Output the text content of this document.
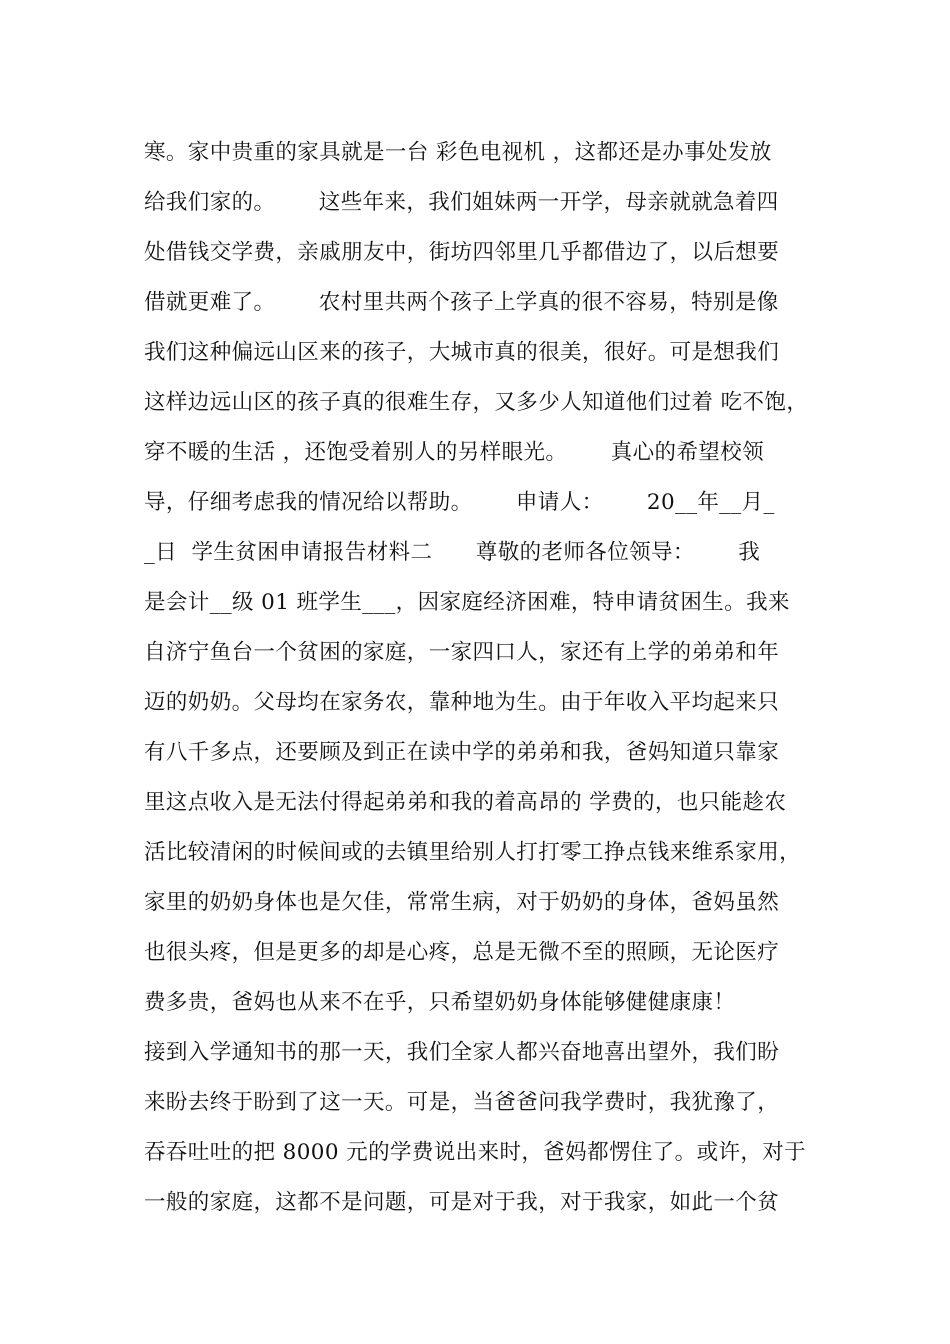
寒。家中贵重的家具就是一台 彩色电视机 ，这都还是办事处发放
给我们家的。      这些年来，我们姐妹两一开学，母亲就就急着四
处借钱交学费，亲戚朋友中，街坊四邻里几乎都借边了，以后想要
借就更难了。      农村里共两个孩子上学真的很不容易，特别是像
我们这种偏远山区来的孩子，大城市真的很美，很好。可是想我们
这样边远山区的孩子真的很难生存，又多少人知道他们过着 吃不饱，
穿不暖的生活 ，还饱受着别人的另样眼光。      真心的希望校领
导，仔细考虑我的情况给以帮助。      申请人：      20__年__月_
_日  学生贫困申请报告材料二      尊敬的老师各位领导：      我
是会计__级 01 班学生___，因家庭经济困难，特申请贫困生。我来
自济宁鱼台一个贫困的家庭，一家四口人，家还有上学的弟弟和年
迈的奶奶。父母均在家务农，靠种地为生。由于年收入平均起来只
有八千多点，还要顾及到正在读中学的弟弟和我，爸妈知道只靠家
里这点收入是无法付得起弟弟和我的着高昂的 学费的，也只能趁农
活比较清闲的时候间或的去镇里给别人打打零工挣点钱来维系家用，
家里的奶奶身体也是欠佳，常常生病，对于奶奶的身体，爸妈虽然
也很头疼，但是更多的却是心疼，总是无微不至的照顾，无论医疗
费多贵，爸妈也从来不在乎，只希望奶奶身体能够健健康康！
接到入学通知书的那一天，我们全家人都兴奋地喜出望外，我们盼
来盼去终于盼到了这一天。可是，当爸爸问我学费时，我犹豫了，
吞吞吐吐的把 8000 元的学费说出来时，爸妈都愣住了。或许，对于
一般的家庭，这都不是问题，可是对于我，对于我家，如此一个贫
